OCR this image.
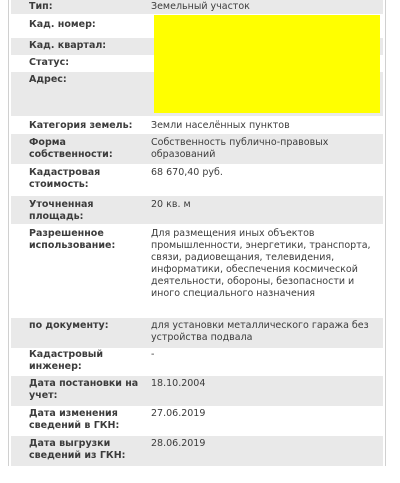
Тип:	Земельный участок
Кад. номер:
Кад. квартал:
Статус:
Адрес:
Категория земель:	Земли населённых пунктов
Форма собственности:
Собственность публично-правовых образований
Кадастровая стоимость:
68 670,40 руб.
Уточненная площадь:
20 кв. м
Разрешенное использование:
Для размещения иных объектов промышленности, энергетики, транспорта, связи, радиовещания, телевидения, информатики, обеспечения космической деятельности, обороны, безопасности и иного специального назначения
по документу:	для установки металлического гаража без устройства подвала
Кадастровый инженер:
-
Дата постановки на учет:
18.10.2004
Дата изменения сведений в ГКН:
27.06.2019
Дата выгрузки сведений из ГКН:
28.06.2019
